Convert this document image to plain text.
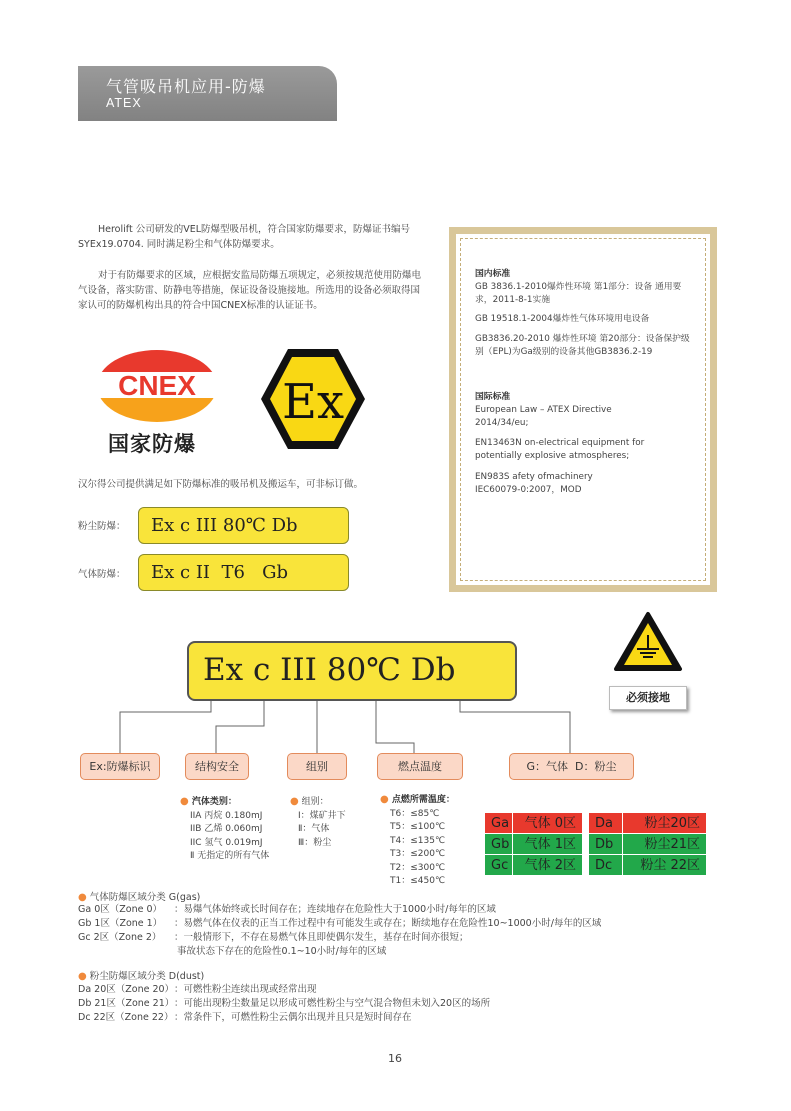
气管吸吊机应用-防爆
ATEX
Herolift 公司研发的VEL防爆型吸吊机，符合国家防爆要求，防爆证书编号SYEx19.0704. 同时满足粉尘和气体防爆要求。
对于有防爆要求的区域，应根据安监局防爆五项规定，必须按规范使用防爆电气设备，落实防雷、防静电等措施，保证设备设施接地。所选用的设备必须取得国家认可的防爆机构出具的符合中国CNEX标准的认证证书。
CNEX
国家防爆
Ex
汉尔得公司提供满足如下防爆标准的吸吊机及搬运车，可非标订做。
粉尘防爆：	Ex c III 80℃ Db
气体防爆：	Ex c II  T6   Gb
国内标准
GB 3836.1-2010爆炸性环境 第1部分：设备 通用要求，2011-8-1实施
GB 19518.1-2004爆炸性气体环境用电设备
GB3836.20-2010 爆炸性环境 第20部分：设备保护级别（EPL)为Ga级别的设备其他GB3836.2-19
国际标准
European Law – ATEX Directive 2014/34/eu;
EN13463N on-electrical equipment for potentially explosive atmospheres;
EN983S afety ofmachinery IEC60079-0:2007，MOD
必须接地
Ex c III 80℃ Db
Ex:防爆标识	结构安全	组别	燃点温度	G：气体  D：粉尘
● 汽体类别：
IIA 丙烷 0.180mJ
IIB 乙烯 0.060mJ
IIC 氢气 0.019mJ
Ⅱ 无指定的所有气体
● 组别：
Ⅰ：煤矿井下
Ⅱ：气体
Ⅲ：粉尘
● 点燃所需温度：
T6：≤85℃
T5：≤100℃
T4：≤135℃
T3：≤200℃
T2：≤300℃
T1：≤450℃
Ga	气体 0区	Da	粉尘20区
Gb	气体 1区	Db	粉尘21区
Gc	气体 2区	Dc	粉尘 22区
● 气体防爆区域分类 G(gas)
Ga 0区（Zone 0） ：易爆气体始终或长时间存在；连续地存在危险性大于1000小时/每年的区域
Gb 1区（Zone 1） ：易燃气体在仪表的正当工作过程中有可能发生或存在；断续地存在危险性10~1000小时/每年的区域
Gc 2区（Zone 2） ：一般情形下，不存在易燃气体且即使偶尔发生，基存在时间亦很短；
事故状态下存在的危险性0.1~10小时/每年的区域
● 粉尘防爆区域分类 D(dust)
Da 20区（Zone 20）：可燃性粉尘连续出现或经常出现
Db 21区（Zone 21）：可能出现粉尘数量足以形成可燃性粉尘与空气混合物但未划入20区的场所
Dc 22区（Zone 22）：常条件下，可燃性粉尘云偶尔出现并且只是短时间存在
16
